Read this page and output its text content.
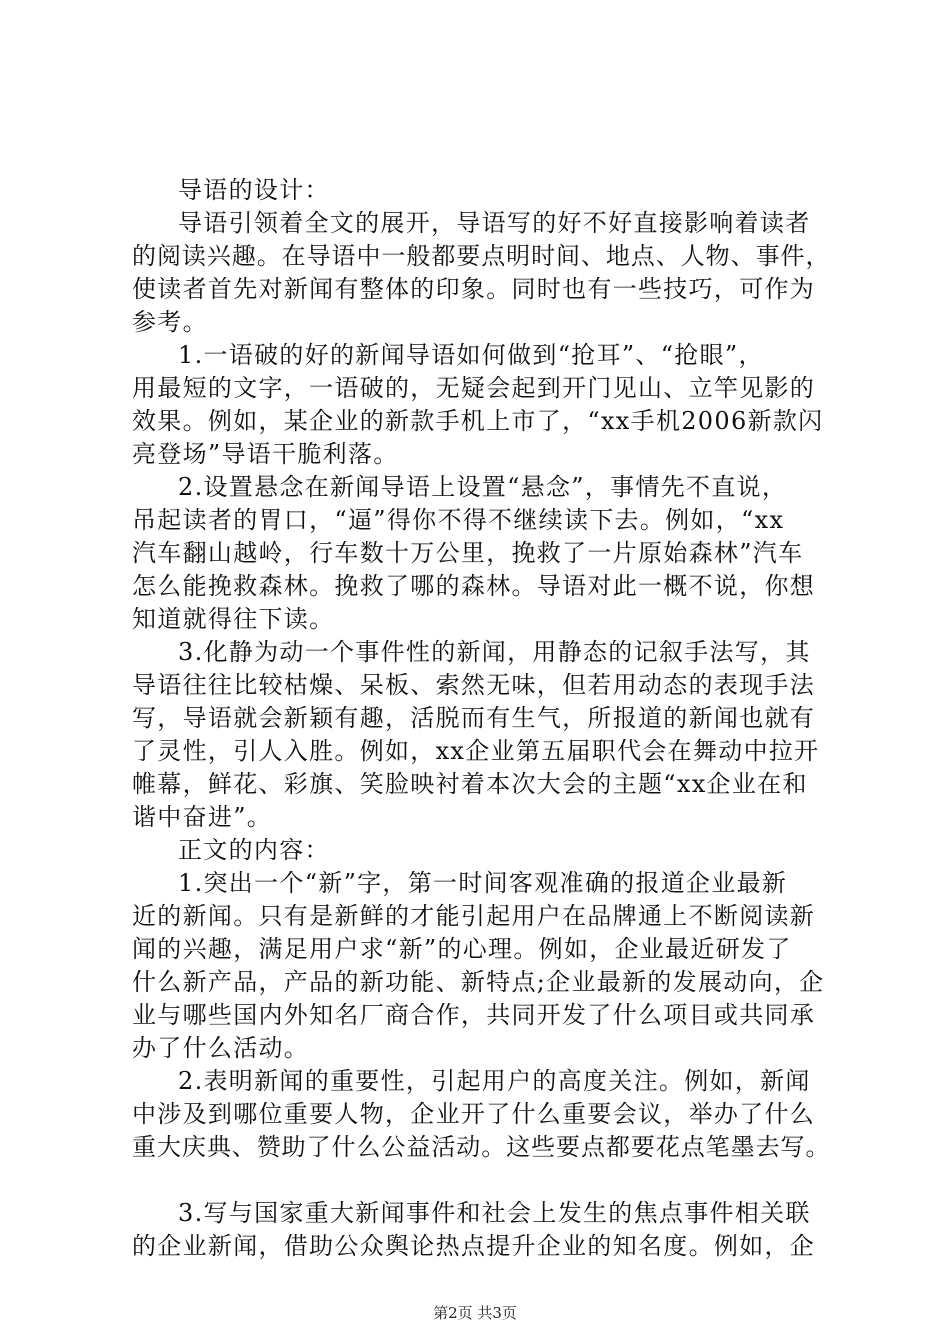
导语的设计：
导语引领着全文的展开，导语写的好不好直接影响着读者
的阅读兴趣。在导语中一般都要点明时间、地点、人物、事件，
使读者首先对新闻有整体的印象。同时也有一些技巧，可作为
参考。
1.一语破的好的新闻导语如何做到“抢耳”、“抢眼”，
用最短的文字，一语破的，无疑会起到开门见山、立竿见影的
效果。例如，某企业的新款手机上市了，“xx手机2006新款闪
亮登场”导语干脆利落。
2.设置悬念在新闻导语上设置“悬念”，事情先不直说，
吊起读者的胃口，“逼”得你不得不继续读下去。例如，“xx
汽车翻山越岭，行车数十万公里，挽救了一片原始森林”汽车
怎么能挽救森林。挽救了哪的森林。导语对此一概不说，你想
知道就得往下读。
3.化静为动一个事件性的新闻，用静态的记叙手法写，其
导语往往比较枯燥、呆板、索然无味，但若用动态的表现手法
写，导语就会新颖有趣，活脱而有生气，所报道的新闻也就有
了灵性，引人入胜。例如，xx企业第五届职代会在舞动中拉开
帷幕，鲜花、彩旗、笑脸映衬着本次大会的主题“xx企业在和
谐中奋进”。
正文的内容：
1.突出一个“新”字，第一时间客观准确的报道企业最新
近的新闻。只有是新鲜的才能引起用户在品牌通上不断阅读新
闻的兴趣，满足用户求“新”的心理。例如，企业最近研发了
什么新产品，产品的新功能、新特点;企业最新的发展动向，企
业与哪些国内外知名厂商合作，共同开发了什么项目或共同承
办了什么活动。
2.表明新闻的重要性，引起用户的高度关注。例如，新闻
中涉及到哪位重要人物，企业开了什么重要会议，举办了什么
重大庆典、赞助了什么公益活动。这些要点都要花点笔墨去写。
3.写与国家重大新闻事件和社会上发生的焦点事件相关联
的企业新闻，借助公众舆论热点提升企业的知名度。例如，企
第2页 共3页
